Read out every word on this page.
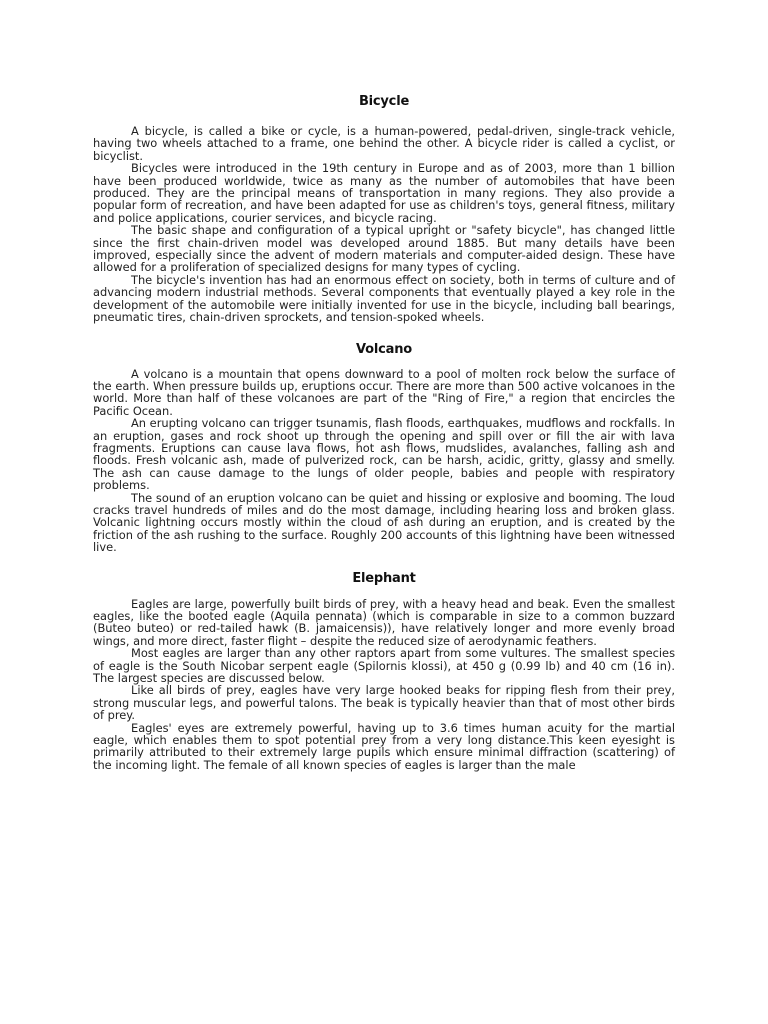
Bicycle

A bicycle, is called a bike or cycle, is a human-powered, pedal-driven, single-track vehicle, having two wheels attached to a frame, one behind the other. A bicycle rider is called a cyclist, or bicyclist.

Bicycles were introduced in the 19th century in Europe and as of 2003, more than 1 billion have been produced worldwide, twice as many as the number of automobiles that have been produced. They are the principal means of transportation in many regions. They also provide a popular form of recreation, and have been adapted for use as children's toys, general fitness, military and police applications, courier services, and bicycle racing.

The basic shape and configuration of a typical upright or "safety bicycle", has changed little since the first chain-driven model was developed around 1885. But many details have been improved, especially since the advent of modern materials and computer-aided design. These have allowed for a proliferation of specialized designs for many types of cycling.

The bicycle's invention has had an enormous effect on society, both in terms of culture and of advancing modern industrial methods. Several components that eventually played a key role in the development of the automobile were initially invented for use in the bicycle, including ball bearings, pneumatic tires, chain-driven sprockets, and tension-spoked wheels.

Volcano

A volcano is a mountain that opens downward to a pool of molten rock below the surface of the earth. When pressure builds up, eruptions occur. There are more than 500 active volcanoes in the world. More than half of these volcanoes are part of the "Ring of Fire," a region that encircles the Pacific Ocean.

An erupting volcano can trigger tsunamis, flash floods, earthquakes, mudflows and rockfalls. In an eruption, gases and rock shoot up through the opening and spill over or fill the air with lava fragments. Eruptions can cause lava flows, hot ash flows, mudslides, avalanches, falling ash and floods. Fresh volcanic ash, made of pulverized rock, can be harsh, acidic, gritty, glassy and smelly. The ash can cause damage to the lungs of older people, babies and people with respiratory problems.

The sound of an eruption volcano can be quiet and hissing or explosive and booming. The loud cracks travel hundreds of miles and do the most damage, including hearing loss and broken glass. Volcanic lightning occurs mostly within the cloud of ash during an eruption, and is created by the friction of the ash rushing to the surface. Roughly 200 accounts of this lightning have been witnessed live.

Elephant

Eagles are large, powerfully built birds of prey, with a heavy head and beak. Even the smallest eagles, like the booted eagle (Aquila pennata) (which is comparable in size to a common buzzard (Buteo buteo) or red-tailed hawk (B. jamaicensis)), have relatively longer and more evenly broad wings, and more direct, faster flight – despite the reduced size of aerodynamic feathers.

Most eagles are larger than any other raptors apart from some vultures. The smallest species of eagle is the South Nicobar serpent eagle (Spilornis klossi), at 450 g (0.99 lb) and 40 cm (16 in). The largest species are discussed below.

Like all birds of prey, eagles have very large hooked beaks for ripping flesh from their prey, strong muscular legs, and powerful talons. The beak is typically heavier than that of most other birds of prey.

Eagles' eyes are extremely powerful, having up to 3.6 times human acuity for the martial eagle, which enables them to spot potential prey from a very long distance.This keen eyesight is primarily attributed to their extremely large pupils which ensure minimal diffraction (scattering) of the incoming light. The female of all known species of eagles is larger than the male
